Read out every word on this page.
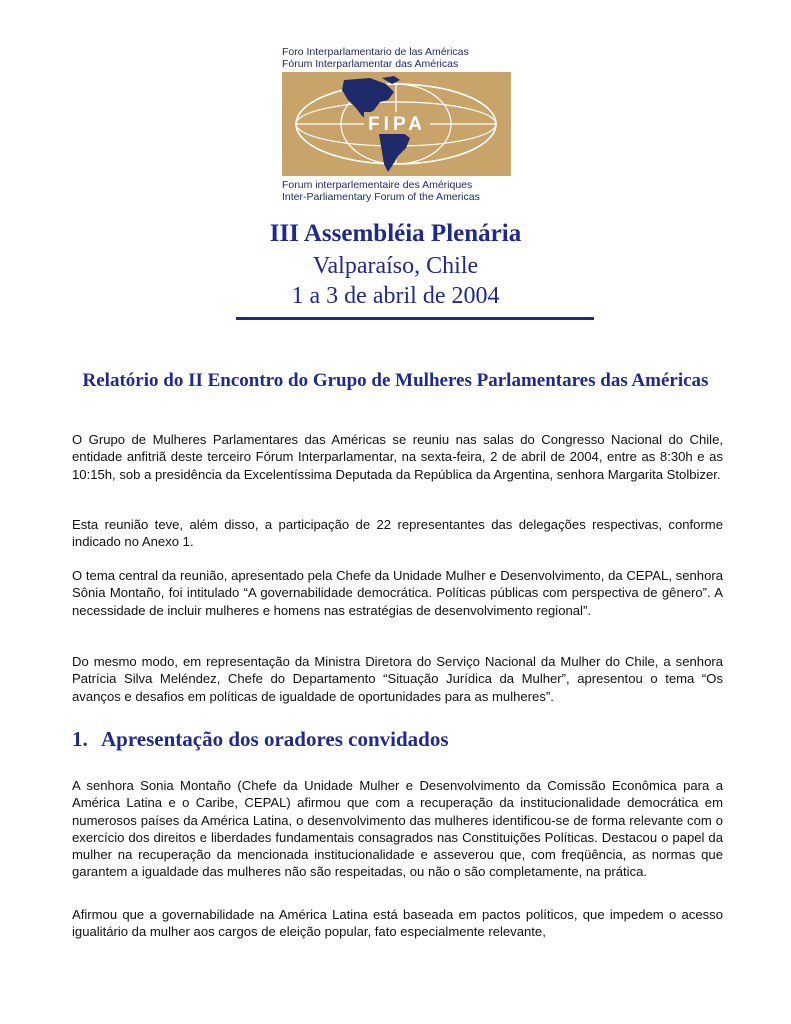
Foro Interparlamentario de las Américas
Fórum Interparlamentar das Américas
FIPA
Forum interparlementaire des Amériques
Inter-Parliamentary Forum of the Americas
III Assembléia Plenária
Valparaíso, Chile
1 a 3 de abril de 2004
Relatório do II Encontro do Grupo de Mulheres Parlamentares das Américas

O Grupo de Mulheres Parlamentares das Américas se reuniu nas salas do Congresso Nacional do Chile, entidade anfitriã deste terceiro Fórum Interparlamentar, na sexta-feira, 2 de abril de 2004, entre as 8:30h e as 10:15h, sob a presidência da Excelentíssima Deputada da República da Argentina, senhora Margarita Stolbizer.

Esta reunião teve, além disso, a participação de 22 representantes das delegações respectivas, conforme indicado no Anexo 1.

O tema central da reunião, apresentado pela Chefe da Unidade Mulher e Desenvolvimento, da CEPAL, senhora Sônia Montaño, foi intitulado “A governabilidade democrática. Políticas públicas com perspectiva de gênero”. A necessidade de incluir mulheres e homens nas estratégias de desenvolvimento regional”.

Do mesmo modo, em representação da Ministra Diretora do Serviço Nacional da Mulher do Chile, a senhora Patrícia Silva Meléndez, Chefe do Departamento “Situação Jurídica da Mulher”, apresentou o tema “Os avanços e desafios em políticas de igualdade de oportunidades para as mulheres”.

1. Apresentação dos oradores convidados

A senhora Sonia Montaño (Chefe da Unidade Mulher e Desenvolvimento da Comissão Econômica para a América Latina e o Caribe, CEPAL) afirmou que com a recuperação da institucionalidade democrática em numerosos países da América Latina, o desenvolvimento das mulheres identificou-se de forma relevante com o exercício dos direitos e liberdades fundamentais consagrados nas Constituições Políticas. Destacou o papel da mulher na recuperação da mencionada institucionalidade e asseverou que, com freqüência, as normas que garantem a igualdade das mulheres não são respeitadas, ou não o são completamente, na prática.

Afirmou que a governabilidade na América Latina está baseada em pactos políticos, que impedem o acesso igualitário da mulher aos cargos de eleição popular, fato especialmente relevante,
